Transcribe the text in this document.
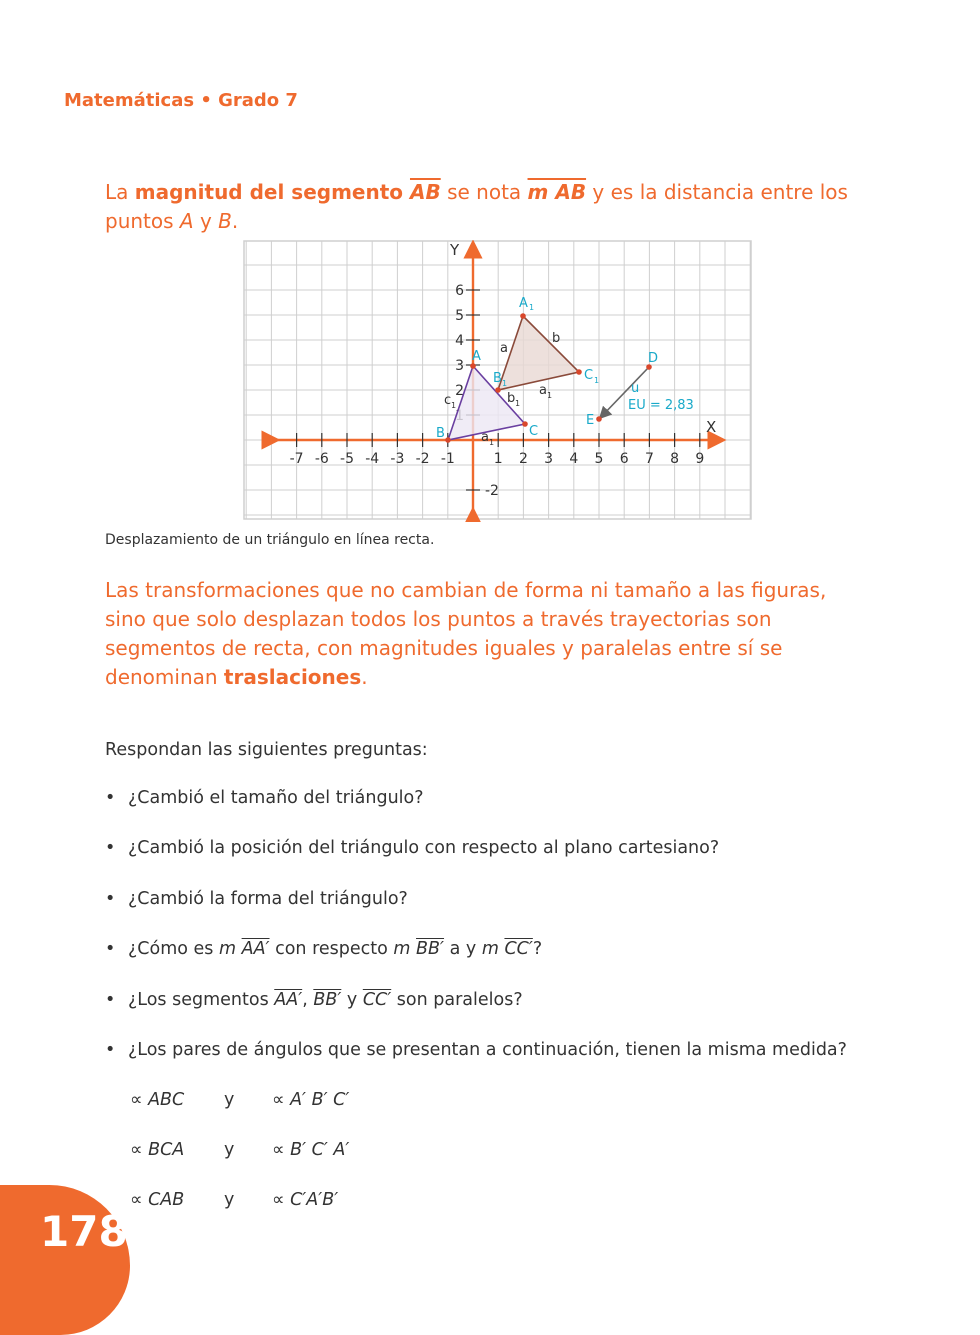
Matemáticas • Grado 7
La magnitud del segmento $\overline{AB}$ se nota m AB y es la distancia entre los puntos A y B.
-7 -6 -5 -4 -3 -2 -1	1 2 3 4 5 6 7 8 9
6
5
4
3
2
-2
X
Y
A
B	C
A
B	C
D
E
EU = 2,83
u
1
1	1
a
b
a
b
c
a
1
1
1
1
Desplazamiento de un triángulo en línea recta.
Las transformaciones que no cambian de forma ni tamaño a las figuras, sino que solo desplazan todos los puntos a través trayectorias son segmentos de recta, con magnitudes iguales y paralelas entre sí se denominan traslaciones.
Respondan las siguientes preguntas:
• ¿Cambió el tamaño del triángulo?
• ¿Cambió la posición del triángulo con respecto al plano cartesiano?
• ¿Cambió la forma del triángulo?
• ¿Cómo es m AA′ con respecto m BB′ a y m CC′?
• ¿Los segmentos AA′, BB′ y CC′ son paralelos?
• ¿Los pares de ángulos que se presentan a continuación, tienen la misma medida?
∝ ABC y ∝ A′ B′ C′
∝ BCA y ∝ B′ C′ A′
∝ CAB y ∝ C′A′B′
178
